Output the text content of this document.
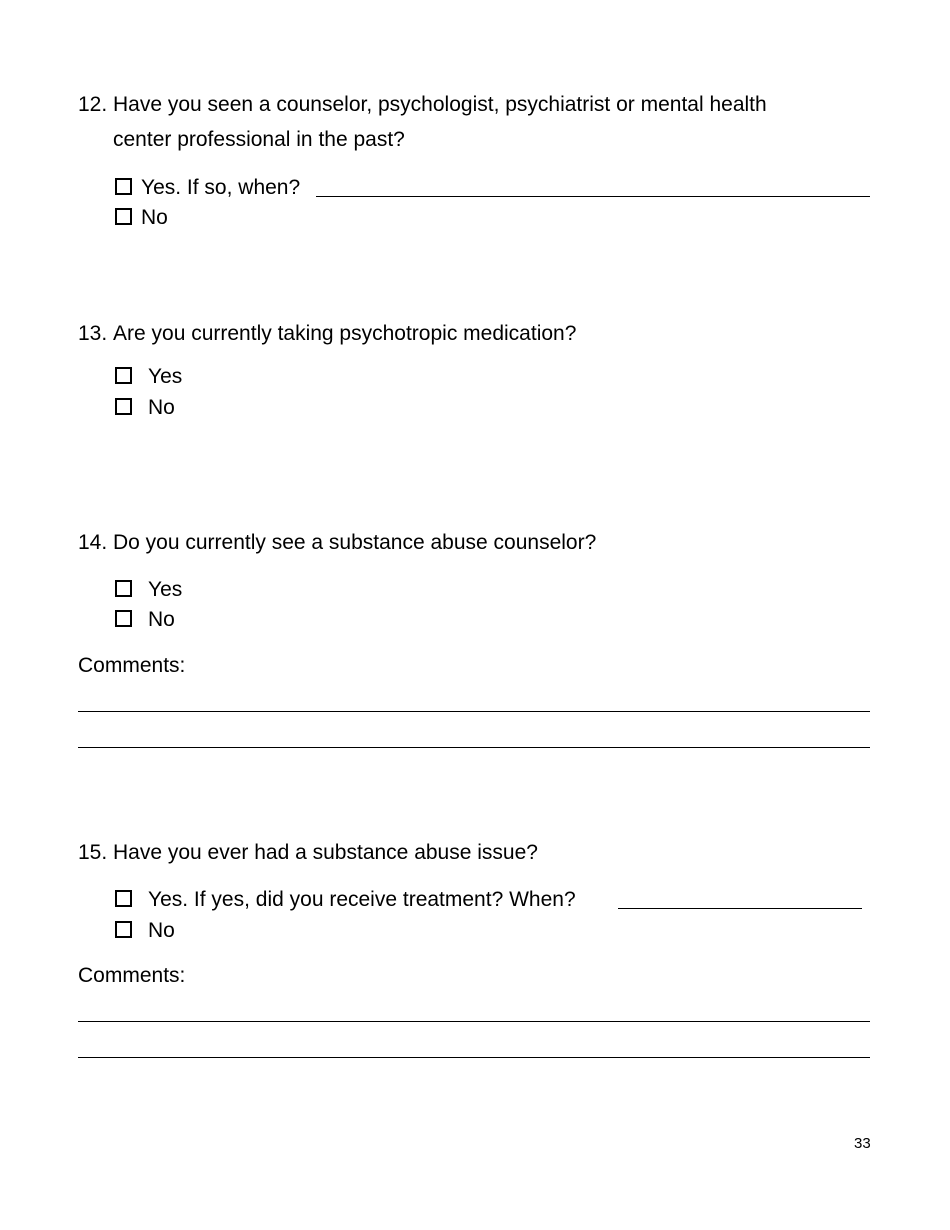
12. Have you seen a counselor, psychologist, psychiatrist or mental health
center professional in the past?
Yes. If so, when?
No
13. Are you currently taking psychotropic medication?
Yes
No
14. Do you currently see a substance abuse counselor?
Yes
No
Comments:
15. Have you ever had a substance abuse issue?
Yes. If yes, did you receive treatment? When?
No
Comments:
33
